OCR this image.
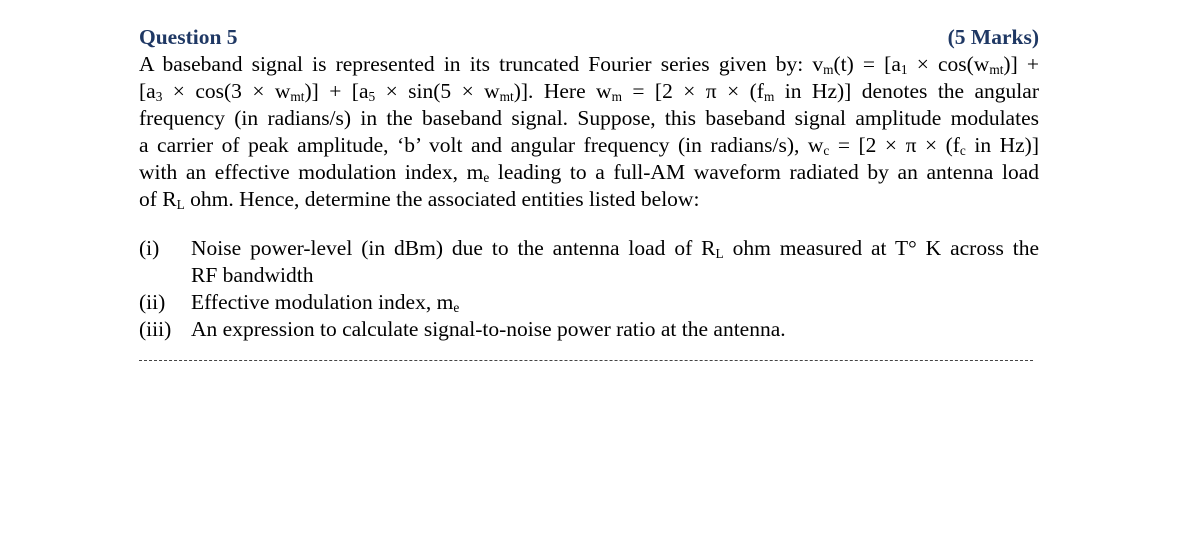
Question 5	(5 Marks)
A baseband signal is represented in its truncated Fourier series given by: $v_m(t) = [a_1 \times \cos(w_{mt})]$ +
$[a_3 \times \cos(3 \times w_{mt})] + [a_5 \times \sin(5 \times w_{mt})]$. Here $w_m = [2 \times \pi \times (f_m$ in Hz)] denotes the angular
frequency (in radians/s) in the baseband signal. Suppose, this baseband signal amplitude modulates
a carrier of peak amplitude, ‘b’ volt and angular frequency (in radians/s), $w_c = [2 \times \pi \times (f_c$ in Hz)]
with an effective modulation index, $m_e$ leading to a full-AM waveform radiated by an antenna load
of $R_L$ ohm. Hence, determine the associated entities listed below:
(i)	Noise power-level (in dBm) due to the antenna load of $R_L$ ohm measured at T° K across the
RF bandwidth
(ii)	Effective modulation index, $m_e$
(iii) An expression to calculate signal-to-noise power ratio at the antenna.
